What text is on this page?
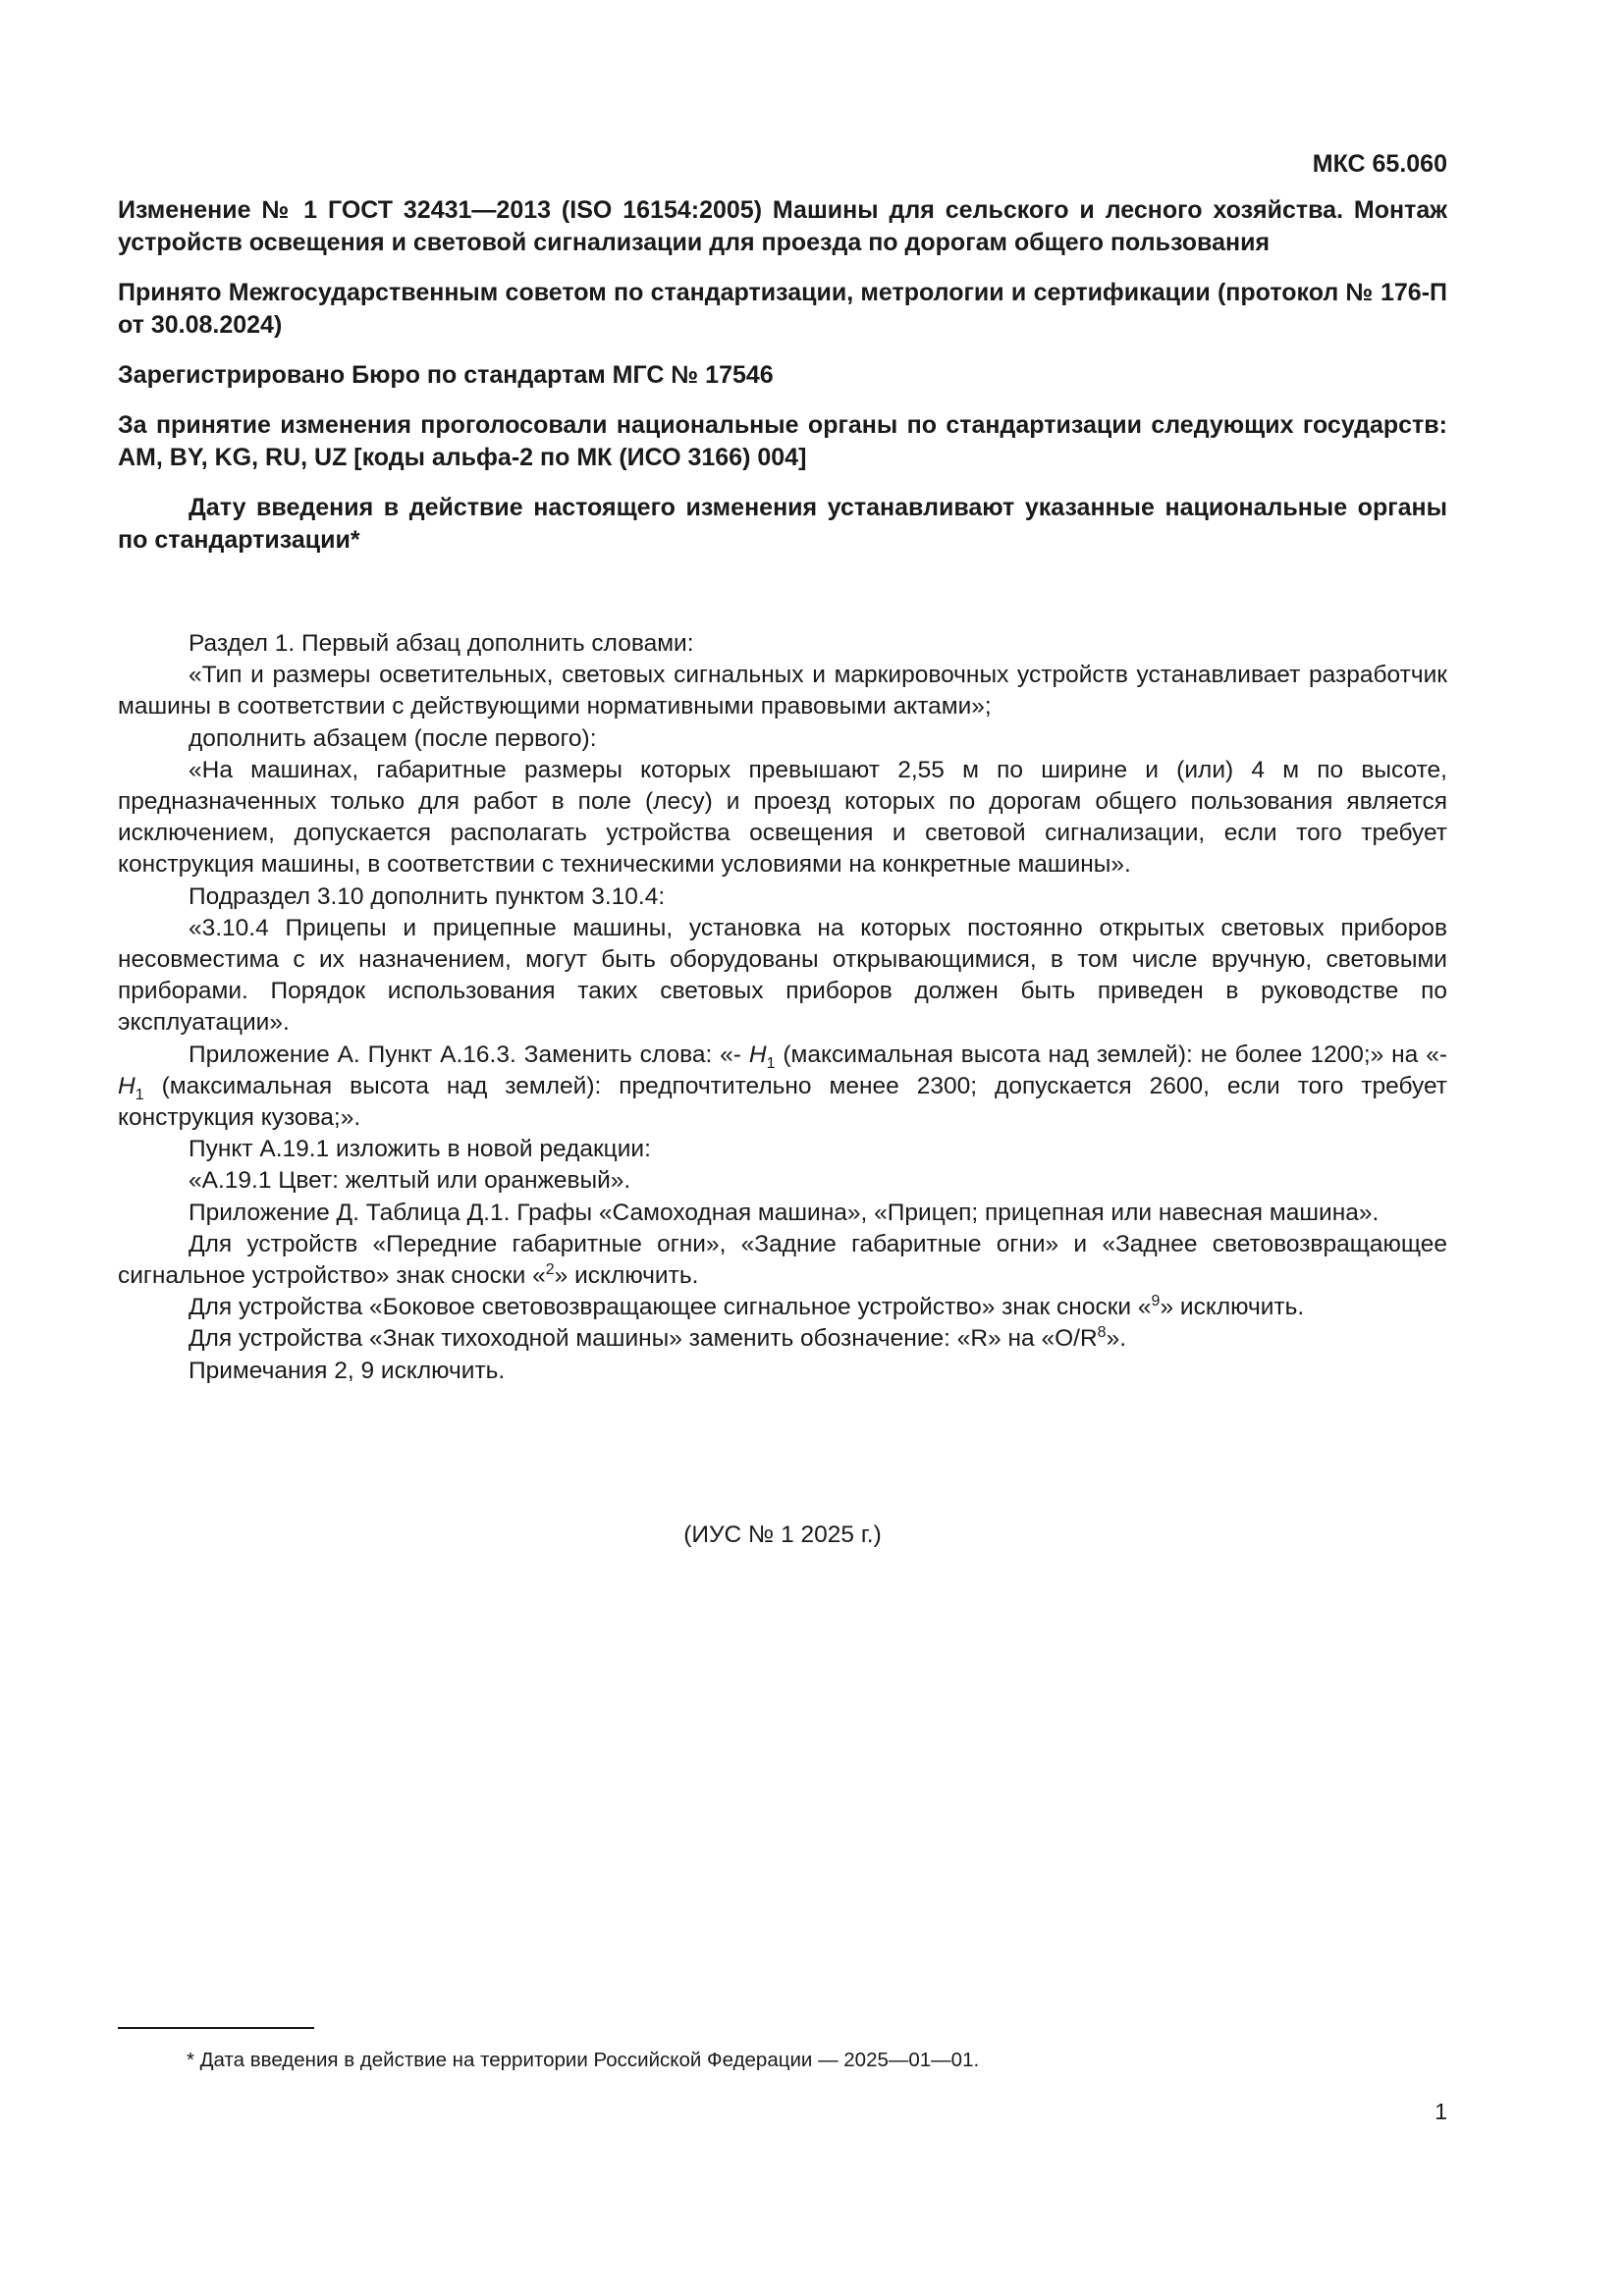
МКС 65.060

Изменение № 1 ГОСТ 32431—2013 (ISO 16154:2005) Машины для сельского и лесного хозяйства. Монтаж устройств освещения и световой сигнализации для проезда по дорогам общего пользования

Принято Межгосударственным советом по стандартизации, метрологии и сертификации (протокол № 176-П от 30.08.2024)

Зарегистрировано Бюро по стандартам МГС № 17546

За принятие изменения проголосовали национальные органы по стандартизации следующих государств: AM, BY, KG, RU, UZ [коды альфа-2 по МК (ИСО 3166) 004]

Дату введения в действие настоящего изменения устанавливают указанные национальные органы по стандартизации*

Раздел 1. Первый абзац дополнить словами:

«Тип и размеры осветительных, световых сигнальных и маркировочных устройств устанавливает разработчик машины в соответствии с действующими нормативными правовыми актами»;

дополнить абзацем (после первого):

«На машинах, габаритные размеры которых превышают 2,55 м по ширине и (или) 4 м по высоте, предназначенных только для работ в поле (лесу) и проезд которых по дорогам общего пользования является исключением, допускается располагать устройства освещения и световой сигнализации, если того требует конструкция машины, в соответствии с техническими условиями на конкретные машины».

Подраздел 3.10 дополнить пунктом 3.10.4:

«3.10.4 Прицепы и прицепные машины, установка на которых постоянно открытых световых приборов несовместима с их назначением, могут быть оборудованы открывающимися, в том числе вручную, световыми приборами. Порядок использования таких световых приборов должен быть приведен в руководстве по эксплуатации».

Приложение А. Пункт А.16.3. Заменить слова: «- $H_1$ (максимальная высота над землей): не более 1200;» на «- $H_1$ (максимальная высота над землей): предпочтительно менее 2300; допускается 2600, если того требует конструкция кузова;».

Пункт А.19.1 изложить в новой редакции:

«А.19.1 Цвет: желтый или оранжевый».

Приложение Д. Таблица Д.1. Графы «Самоходная машина», «Прицеп; прицепная или навесная машина».

Для устройств «Передние габаритные огни», «Задние габаритные огни» и «Заднее световозвращающее сигнальное устройство» знак сноски «$^2$» исключить.

Для устройства «Боковое световозвращающее сигнальное устройство» знак сноски «$^9$» исключить.

Для устройства «Знак тихоходной машины» заменить обозначение: «R» на «$O/R^8$».

Примечания 2, 9 исключить.

(ИУС № 1 2025 г.)
* Дата введения в действие на территории Российской Федерации — 2025—01—01.
1
